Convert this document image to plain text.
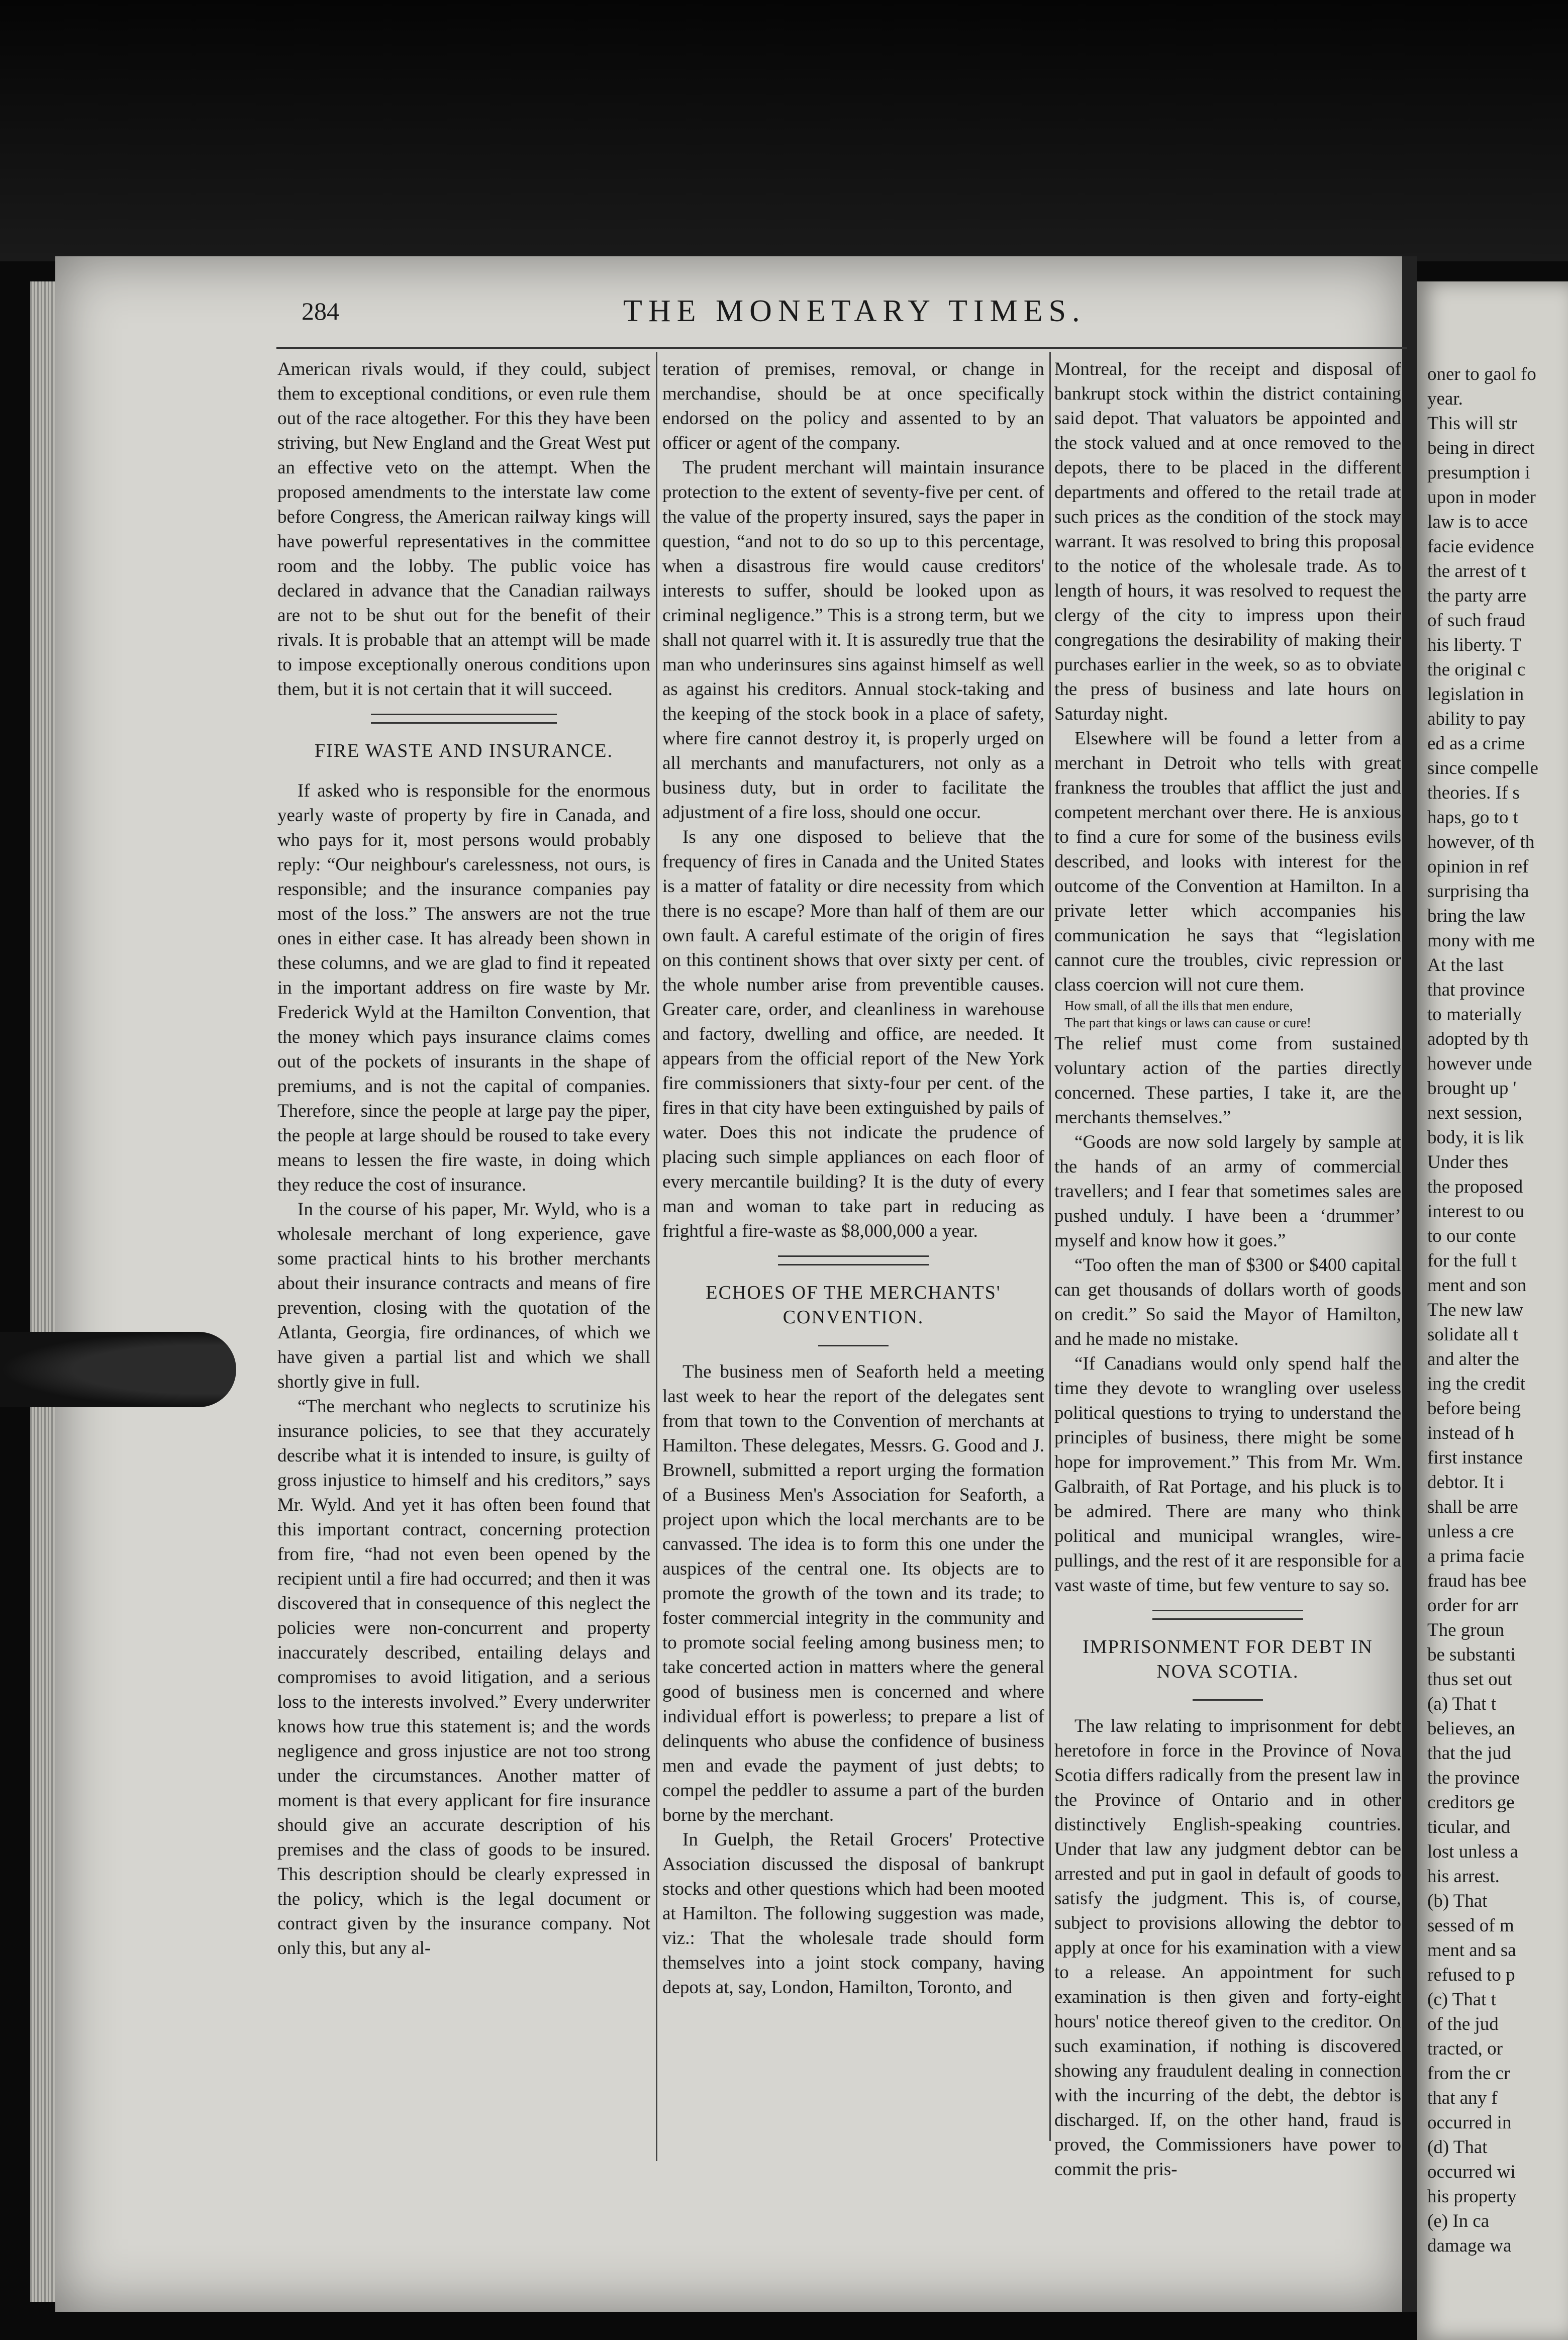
284	THE MONETARY TIMES.

American rivals would, if they could, subject them to exceptional conditions, or even rule them out of the race altogether. For this they have been striving, but New England and the Great West put an effective veto on the attempt. When the proposed amendments to the interstate law come before Congress, the American railway kings will have powerful representatives in the committee room and the lobby. The public voice has declared in advance that the Canadian railways are not to be shut out for the benefit of their rivals. It is probable that an attempt will be made to impose exceptionally onerous conditions upon them, but it is not certain that it will succeed.

FIRE WASTE AND INSURANCE.

If asked who is responsible for the enormous yearly waste of property by fire in Canada, and who pays for it, most persons would probably reply: “Our neighbour's carelessness, not ours, is responsible; and the insurance companies pay most of the loss.” The answers are not the true ones in either case. It has already been shown in these columns, and we are glad to find it repeated in the important address on fire waste by Mr. Frederick Wyld at the Hamilton Convention, that the money which pays insurance claims comes out of the pockets of insurants in the shape of premiums, and is not the capital of companies. Therefore, since the people at large pay the piper, the people at large should be roused to take every means to lessen the fire waste, in doing which they reduce the cost of insurance.

In the course of his paper, Mr. Wyld, who is a wholesale merchant of long experience, gave some practical hints to his brother merchants about their insurance contracts and means of fire prevention, closing with the quotation of the Atlanta, Georgia, fire ordinances, of which we have given a partial list and which we shall shortly give in full.

“The merchant who neglects to scrutinize his insurance policies, to see that they accurately describe what it is intended to insure, is guilty of gross injustice to himself and his creditors,” says Mr. Wyld. And yet it has often been found that this important contract, concerning protection from fire, “had not even been opened by the recipient until a fire had occurred; and then it was discovered that in consequence of this neglect the policies were non-concurrent and property inaccurately described, entailing delays and compromises to avoid litigation, and a serious loss to the interests involved.” Every underwriter knows how true this statement is; and the words negligence and gross injustice are not too strong under the circumstances. Another matter of moment is that every applicant for fire insurance should give an accurate description of his premises and the class of goods to be insured. This description should be clearly expressed in the policy, which is the legal document or contract given by the insurance company. Not only this, but any al-

teration of premises, removal, or change in merchandise, should be at once specifically endorsed on the policy and assented to by an officer or agent of the company.

The prudent merchant will maintain insurance protection to the extent of seventy-five per cent. of the value of the property insured, says the paper in question, “and not to do so up to this percentage, when a disastrous fire would cause creditors' interests to suffer, should be looked upon as criminal negligence.” This is a strong term, but we shall not quarrel with it. It is assuredly true that the man who underinsures sins against himself as well as against his creditors. Annual stock-taking and the keeping of the stock book in a place of safety, where fire cannot destroy it, is properly urged on all merchants and manufacturers, not only as a business duty, but in order to facilitate the adjustment of a fire loss, should one occur.

Is any one disposed to believe that the frequency of fires in Canada and the United States is a matter of fatality or dire necessity from which there is no escape? More than half of them are our own fault. A careful estimate of the origin of fires on this continent shows that over sixty per cent. of the whole number arise from preventible causes. Greater care, order, and cleanliness in warehouse and factory, dwelling and office, are needed. It appears from the official report of the New York fire commissioners that sixty-four per cent. of the fires in that city have been extinguished by pails of water. Does this not indicate the prudence of placing such simple appliances on each floor of every mercantile building? It is the duty of every man and woman to take part in reducing as frightful a fire-waste as $8,000,000 a year.

ECHOES OF THE MERCHANTS' CONVENTION.

The business men of Seaforth held a meeting last week to hear the report of the delegates sent from that town to the Convention of merchants at Hamilton. These delegates, Messrs. G. Good and J. Brownell, submitted a report urging the formation of a Business Men's Association for Seaforth, a project upon which the local merchants are to be canvassed. The idea is to form this one under the auspices of the central one. Its objects are to promote the growth of the town and its trade; to foster commercial integrity in the community and to promote social feeling among business men; to take concerted action in matters where the general good of business men is concerned and where individual effort is powerless; to prepare a list of delinquents who abuse the confidence of business men and evade the payment of just debts; to compel the peddler to assume a part of the burden borne by the merchant.

In Guelph, the Retail Grocers' Protective Association discussed the disposal of bankrupt stocks and other questions which had been mooted at Hamilton. The following suggestion was made, viz.: That the wholesale trade should form themselves into a joint stock company, having depots at, say, London, Hamilton, Toronto, and

Montreal, for the receipt and disposal of bankrupt stock within the district containing said depot. That valuators be appointed and the stock valued and at once removed to the depots, there to be placed in the different departments and offered to the retail trade at such prices as the condition of the stock may warrant. It was resolved to bring this proposal to the notice of the wholesale trade. As to length of hours, it was resolved to request the clergy of the city to impress upon their congregations the desirability of making their purchases earlier in the week, so as to obviate the press of business and late hours on Saturday night.

Elsewhere will be found a letter from a merchant in Detroit who tells with great frankness the troubles that afflict the just and competent merchant over there. He is anxious to find a cure for some of the business evils described, and looks with interest for the outcome of the Convention at Hamilton. In a private letter which accompanies his communication he says that “legislation cannot cure the troubles, civic repression or class coercion will not cure them.

How small, of all the ills that men endure,

The part that kings or laws can cause or cure!

The relief must come from sustained voluntary action of the parties directly concerned. These parties, I take it, are the merchants themselves.”

“Goods are now sold largely by sample at the hands of an army of commercial travellers; and I fear that sometimes sales are pushed unduly. I have been a ‘drummer’ myself and know how it goes.”

“Too often the man of $300 or $400 capital can get thousands of dollars worth of goods on credit.” So said the Mayor of Hamilton, and he made no mistake.

“If Canadians would only spend half the time they devote to wrangling over useless political questions to trying to understand the principles of business, there might be some hope for improvement.” This from Mr. Wm. Galbraith, of Rat Portage, and his pluck is to be admired. There are many who think political and municipal wrangles, wire-pullings, and the rest of it are responsible for a vast waste of time, but few venture to say so.

IMPRISONMENT FOR DEBT IN NOVA SCOTIA.

The law relating to imprisonment for debt heretofore in force in the Province of Nova Scotia differs radically from the present law in the Province of Ontario and in other distinctively English-speaking countries. Under that law any judgment debtor can be arrested and put in gaol in default of goods to satisfy the judgment. This is, of course, subject to provisions allowing the debtor to apply at once for his examination with a view to a release. An appointment for such examination is then given and forty-eight hours' notice thereof given to the creditor. On such examination, if nothing is discovered showing any fraudulent dealing in connection with the incurring of the debt, the debtor is discharged. If, on the other hand, fraud is proved, the Commissioners have power to commit the pris-

oner to gaol fo
year.
This will str
being in direct
presumption i
upon in moder
law is to acce
facie evidence
the arrest of t
the party arre
of such fraud
his liberty. T
the original c
legislation in
ability to pay
ed as a crime
since compelle
theories. If s
haps, go to t
however, of th
opinion in ref
surprising tha
bring the law
mony with me
At the last
that province
to materially
adopted by th
however unde
brought up '
next session,
body, it is lik
Under thes
the proposed
interest to ou
to our conte
for the full t
ment and son
The new law
solidate all t
and alter the
ing the credit
before being
instead of h
first instance
debtor. It i
shall be arre
unless a cre
a prima facie
fraud has bee
order for arr
The groun
be substanti
thus set out
(a) That t
believes, an
that the jud
the province
creditors ge
ticular, and
lost unless a
his arrest.
(b) That
sessed of m
ment and sa
refused to p
(c) That t
of the jud
tracted, or
from the cr
that any f
occurred in
(d) That
occurred wi
his property
(e) In ca
damage wa
